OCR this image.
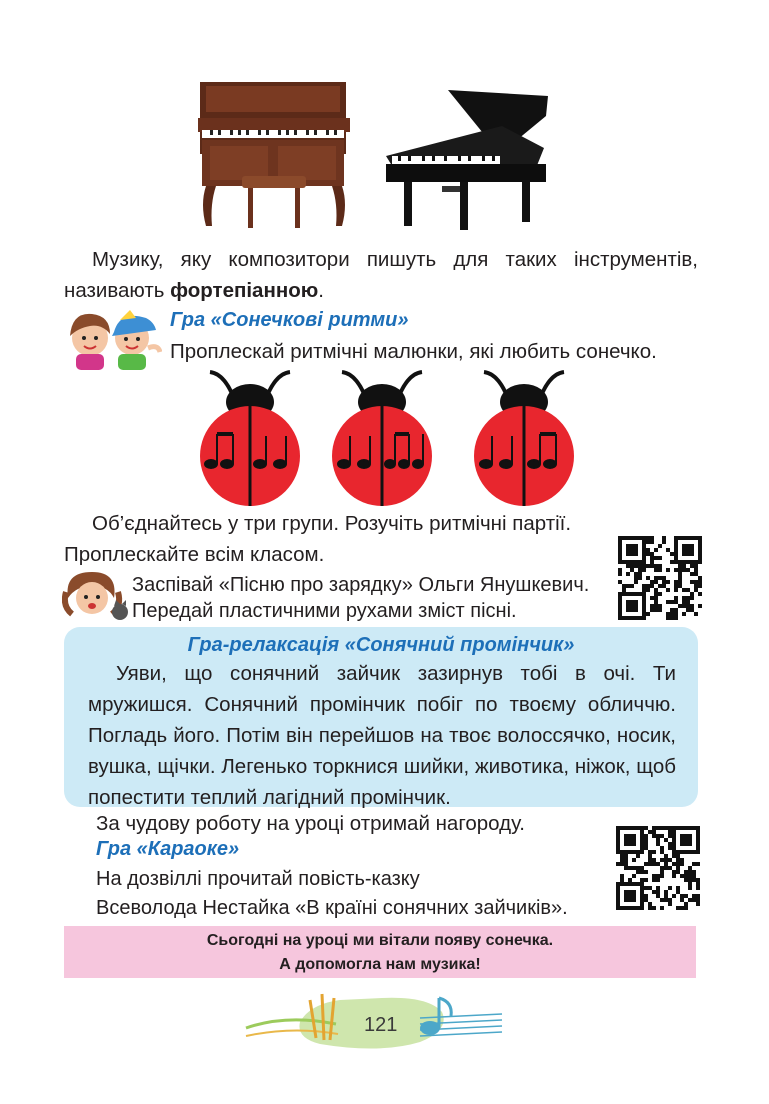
Музику, яку композитори пишуть для таких інструментів,
називають фортепіанною.
Гра «Сонечкові ритми»
Проплескай ритмічні малюнки, які любить сонечко.
Об’єднайтесь у три групи. Розучіть ритмічні партії.
Проплескайте всім класом.
Заспівай «Пісню про зарядку» Ольги Янушкевич.
Передай пластичними рухами зміст пісні.
Гра-релаксація «Сонячний промінчик»
Уяви, що сонячний зайчик зазирнув тобі в очі. Ти мружишся. Сонячний промінчик побіг по твоєму обличчю. Погладь його. Потім він перейшов на твоє волоссячко, носик, вушка, щічки. Легенько торкнися шийки, животика, ніжок, щоб попестити теплий лагідний промінчик.
За чудову роботу на уроці отримай нагороду.
Гра «Караоке»
На дозвіллі прочитай повість-казку
Всеволода Нестайка «В країні сонячних зайчиків».
Сьогодні на уроці ми вітали появу сонечка.
А допомогла нам музика!
121
